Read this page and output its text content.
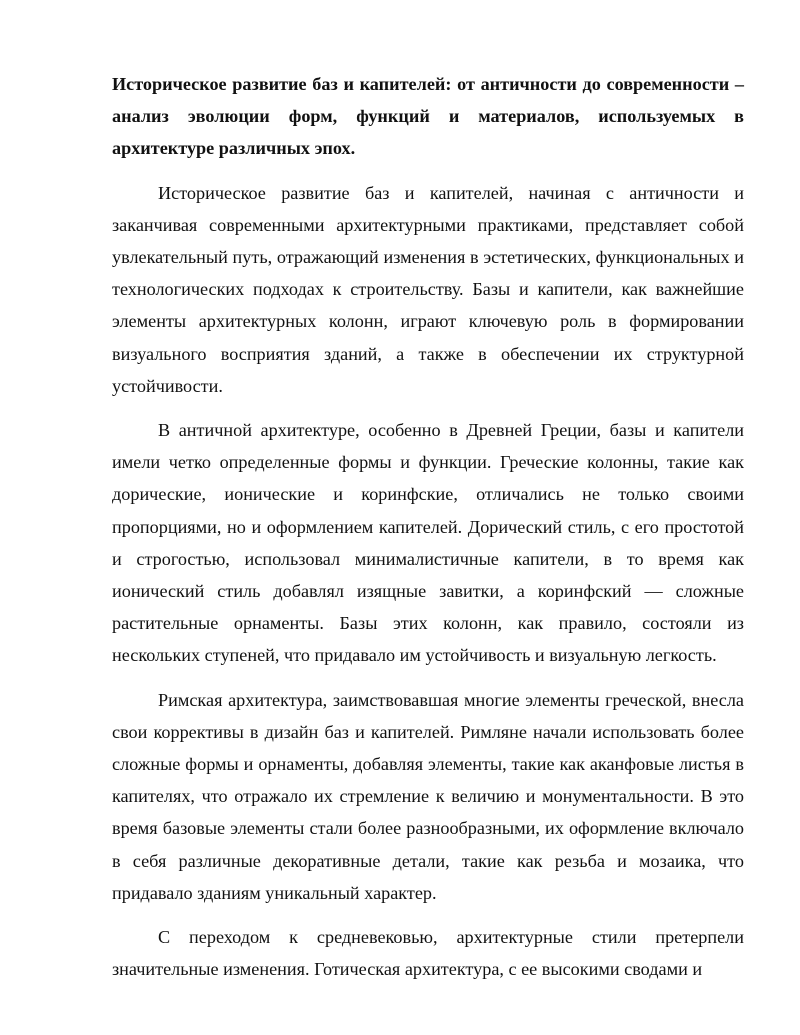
Историческое развитие баз и капителей: от античности до современности – анализ эволюции форм, функций и материалов, используемых в архитектуре различных эпох.

Историческое развитие баз и капителей, начиная с античности и заканчивая современными архитектурными практиками, представляет собой увлекательный путь, отражающий изменения в эстетических, функциональных и технологических подходах к строительству. Базы и капители, как важнейшие элементы архитектурных колонн, играют ключевую роль в формировании визуального восприятия зданий, а также в обеспечении их структурной устойчивости.

В античной архитектуре, особенно в Древней Греции, базы и капители имели четко определенные формы и функции. Греческие колонны, такие как дорические, ионические и коринфские, отличались не только своими пропорциями, но и оформлением капителей. Дорический стиль, с его простотой и строгостью, использовал минималистичные капители, в то время как ионический стиль добавлял изящные завитки, а коринфский — сложные растительные орнаменты. Базы этих колонн, как правило, состояли из нескольких ступеней, что придавало им устойчивость и визуальную легкость.

Римская архитектура, заимствовавшая многие элементы греческой, внесла свои коррективы в дизайн баз и капителей. Римляне начали использовать более сложные формы и орнаменты, добавляя элементы, такие как аканфовые листья в капителях, что отражало их стремление к величию и монументальности. В это время базовые элементы стали более разнообразными, их оформление включало в себя различные декоративные детали, такие как резьба и мозаика, что придавало зданиям уникальный характер.

С переходом к средневековью, архитектурные стили претерпели значительные изменения. Готическая архитектура, с ее высокими сводами и
